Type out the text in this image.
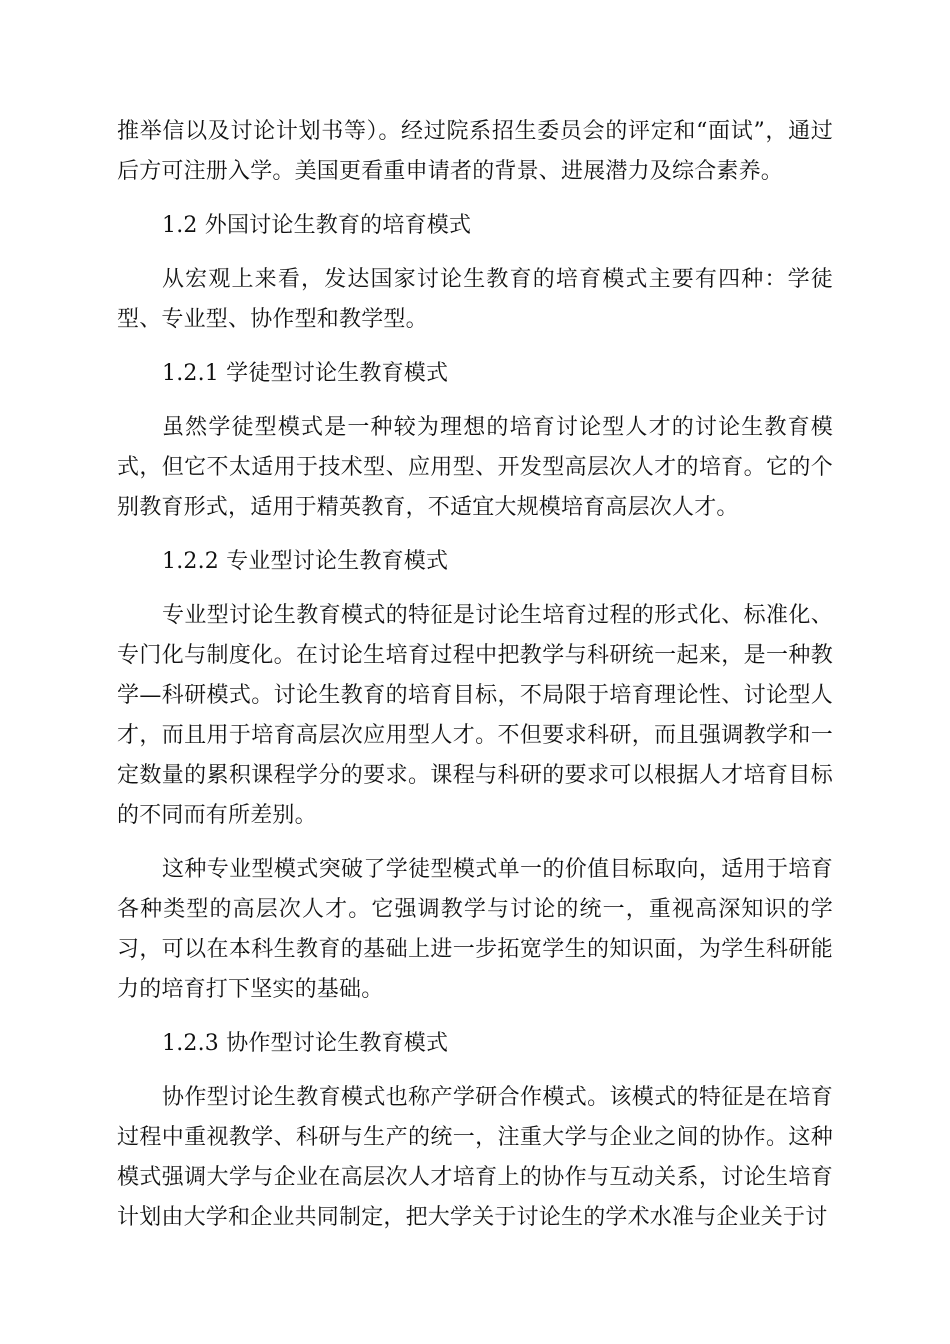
推举信以及讨论计划书等）。经过院系招生委员会的评定和“面试”，通过后方可注册入学。美国更看重申请者的背景、进展潜力及综合素养。

1.2 外国讨论生教育的培育模式

从宏观上来看，发达国家讨论生教育的培育模式主要有四种：学徒型、专业型、协作型和教学型。

1.2.1 学徒型讨论生教育模式

虽然学徒型模式是一种较为理想的培育讨论型人才的讨论生教育模式，但它不太适用于技术型、应用型、开发型高层次人才的培育。它的个别教育形式，适用于精英教育，不适宜大规模培育高层次人才。

1.2.2 专业型讨论生教育模式

专业型讨论生教育模式的特征是讨论生培育过程的形式化、标准化、专门化与制度化。在讨论生培育过程中把教学与科研统一起来，是一种教学—科研模式。讨论生教育的培育目标，不局限于培育理论性、讨论型人才，而且用于培育高层次应用型人才。不但要求科研，而且强调教学和一定数量的累积课程学分的要求。课程与科研的要求可以根据人才培育目标的不同而有所差别。

这种专业型模式突破了学徒型模式单一的价值目标取向，适用于培育各种类型的高层次人才。它强调教学与讨论的统一，重视高深知识的学习，可以在本科生教育的基础上进一步拓宽学生的知识面，为学生科研能力的培育打下坚实的基础。

1.2.3 协作型讨论生教育模式

协作型讨论生教育模式也称产学研合作模式。该模式的特征是在培育过程中重视教学、科研与生产的统一，注重大学与企业之间的协作。这种模式强调大学与企业在高层次人才培育上的协作与互动关系，讨论生培育计划由大学和企业共同制定，把大学关于讨论生的学术水准与企业关于讨
